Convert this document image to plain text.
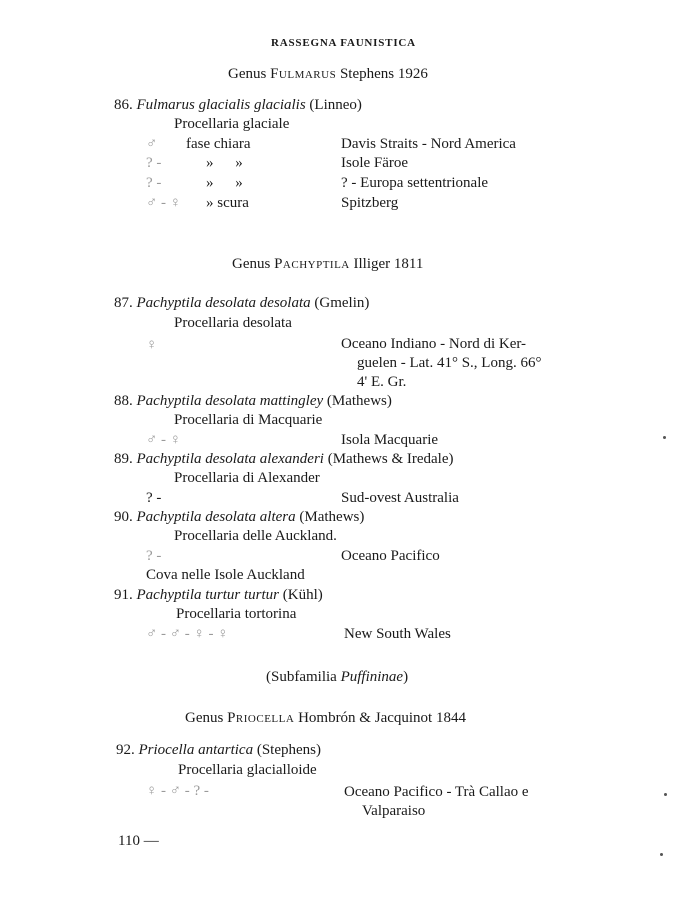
RASSEGNA FAUNISTICA
Genus Fulmarus Stephens 1926
86. Fulmarus glacialis glacialis (Linneo)
Procellaria glaciale
♂ fase chiara	Davis Straits - Nord America
? -	» »	Isole Färoe
? -	» »	? - Europa settentrionale
♂ - ♀ » scura	Spitzberg
Genus Pachyptila Illiger 1811
87. Pachyptila desolata desolata (Gmelin)
Procellaria desolata
♀	Oceano Indiano - Nord di Ker-
guelen - Lat. 41° S., Long. 66°
4' E. Gr.
88. Pachyptila desolata mattingley (Mathews)
Procellaria di Macquarie
♂ - ♀	Isola Macquarie
89. Pachyptila desolata alexanderi (Mathews & Iredale)
Procellaria di Alexander
? -	Sud-ovest Australia
90. Pachyptila desolata altera (Mathews)
Procellaria delle Auckland.
? -	Oceano Pacifico
Cova nelle Isole Auckland
91. Pachyptila turtur turtur (Kühl)
Procellaria tortorina
♂ - ♂ - ♀ - ♀	New South Wales
(Subfamilia Puffininae)
Genus Priocella Hombrón & Jacquinot 1844
92. Priocella antartica (Stephens)
Procellaria glacialloide
♀ - ♂ - ? -	Oceano Pacifico - Trà Callao e
Valparaiso
110 —
